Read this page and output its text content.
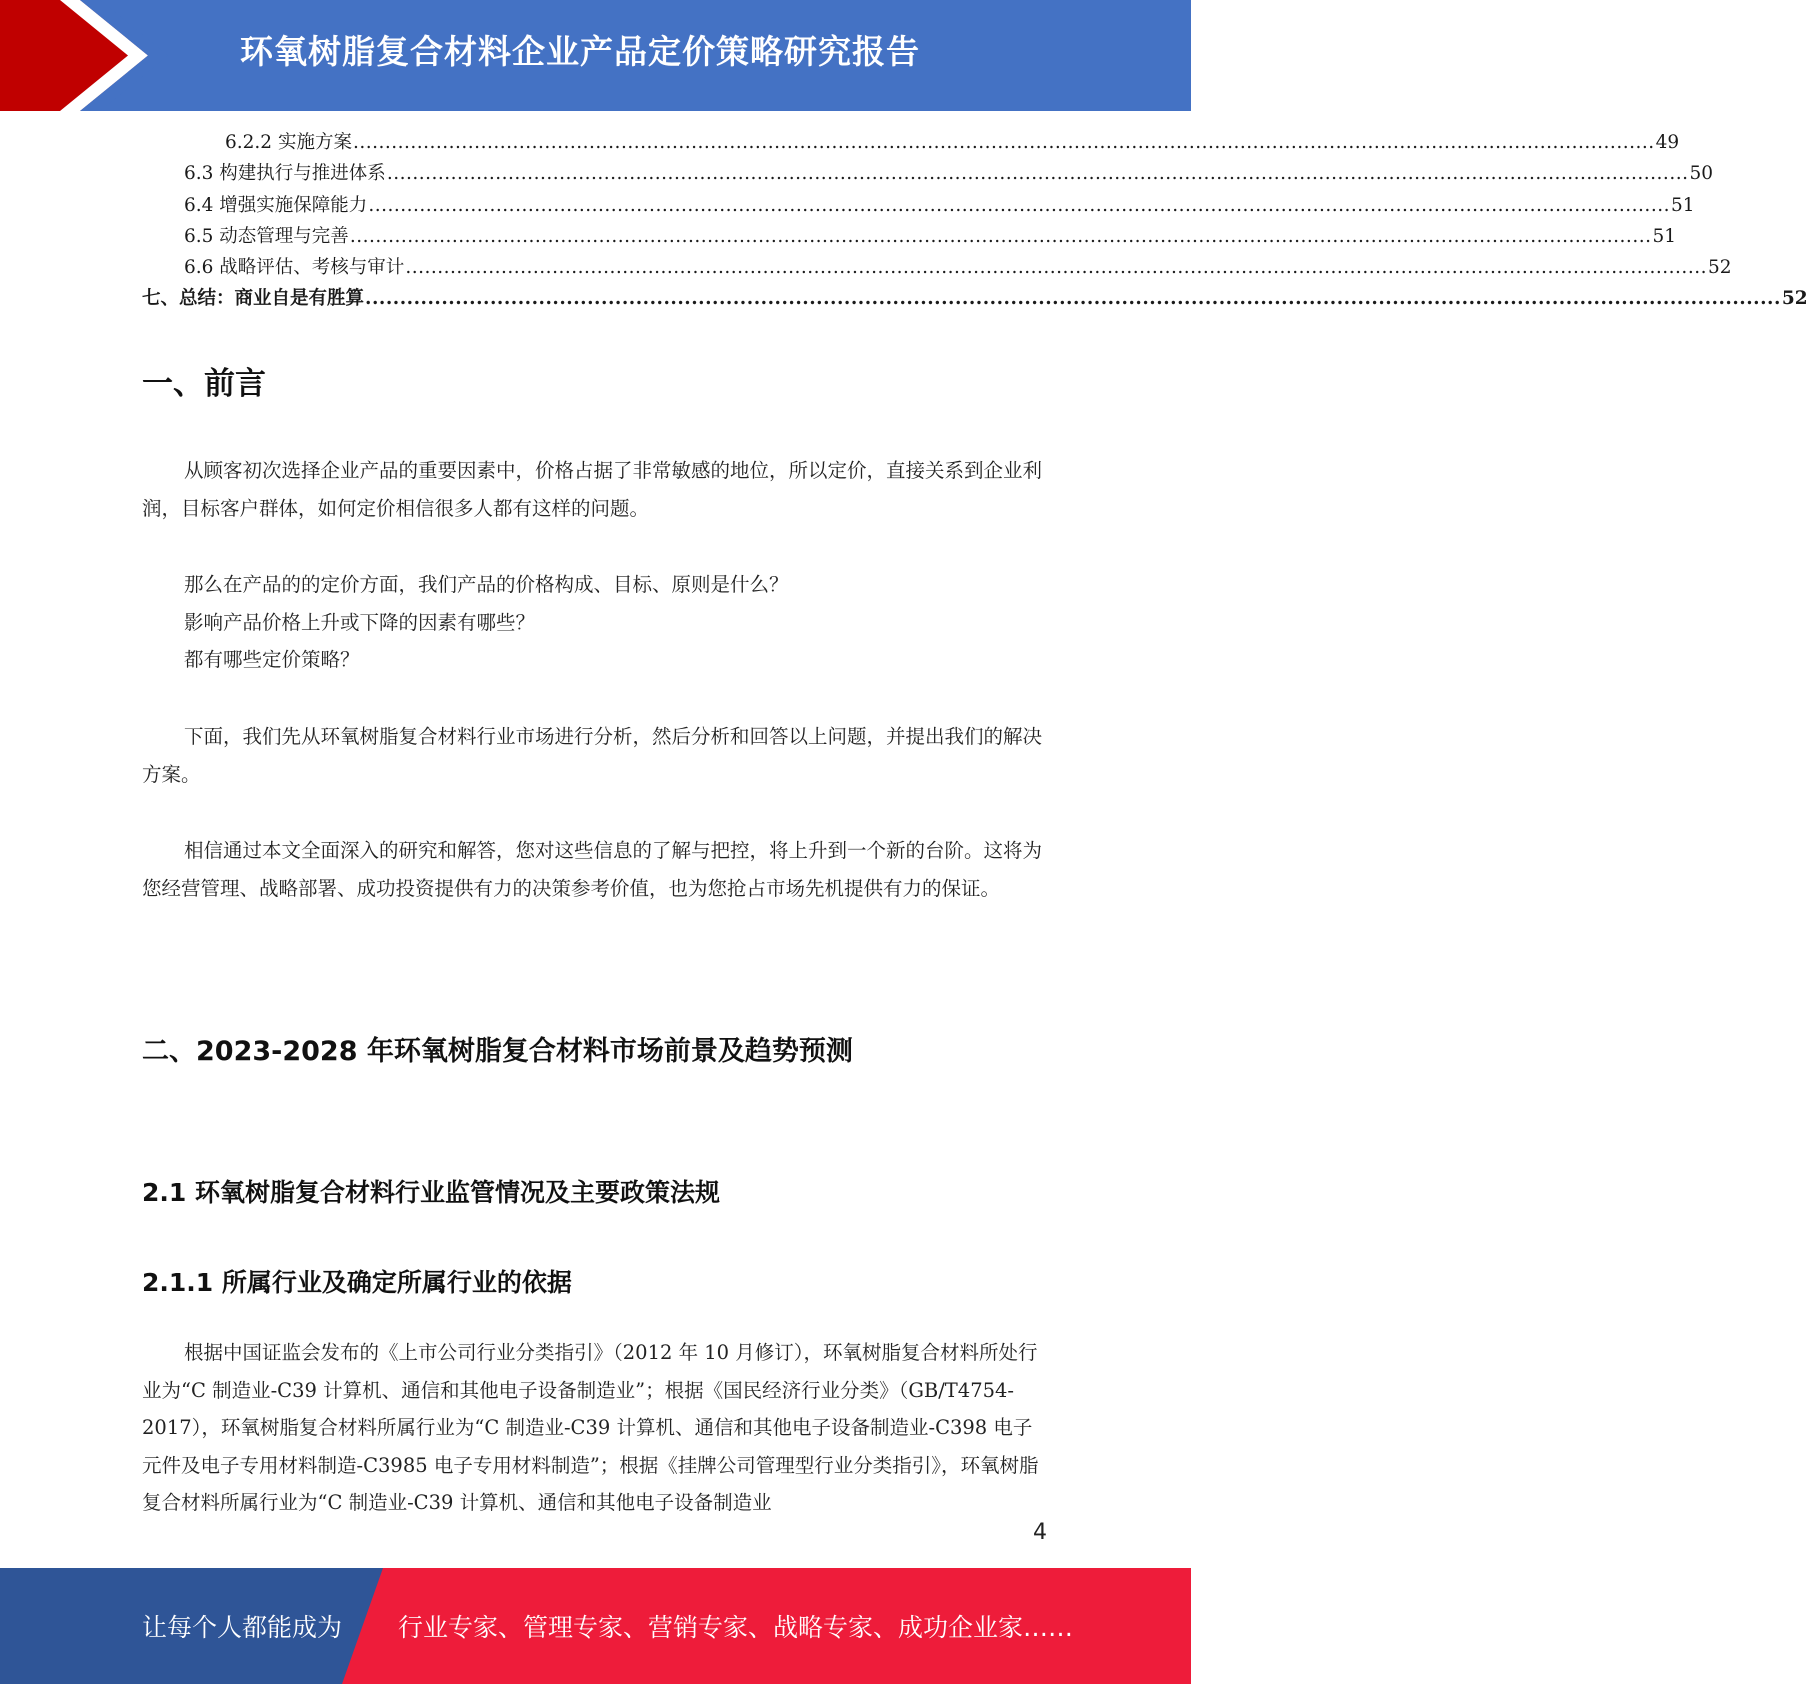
环氧树脂复合材料企业产品定价策略研究报告
6.2.2 实施方案 ............................................................................................................................................................................................................ 49
6.3 构建执行与推进体系 ............................................................................................................................................................................................................ 50
6.4 增强实施保障能力 ............................................................................................................................................................................................................ 51
6.5 动态管理与完善 ............................................................................................................................................................................................................ 51
6.6 战略评估、考核与审计 ............................................................................................................................................................................................................ 52
七、总结：商业自是有胜算 ............................................................................................................................................................................................................ 52
一、前言

从顾客初次选择企业产品的重要因素中，价格占据了非常敏感的地位，所以定价，直接关系到企业利润，目标客户群体，如何定价相信很多人都有这样的问题。

那么在产品的的定价方面，我们产品的价格构成、目标、原则是什么？
影响产品价格上升或下降的因素有哪些？
都有哪些定价策略？

下面，我们先从环氧树脂复合材料行业市场进行分析，然后分析和回答以上问题，并提出我们的解决方案。

相信通过本文全面深入的研究和解答，您对这些信息的了解与把控，将上升到一个新的台阶。这将为您经营管理、战略部署、成功投资提供有力的决策参考价值，也为您抢占市场先机提供有力的保证。

二、2023-2028 年环氧树脂复合材料市场前景及趋势预测
2.1 环氧树脂复合材料行业监管情况及主要政策法规
2.1.1 所属行业及确定所属行业的依据

根据中国证监会发布的《上市公司行业分类指引》（2012 年 10 月修订），环氧树脂复合材料所处行业为“C 制造业-C39 计算机、通信和其他电子设备制造业”；根据《国民经济行业分类》（GB/T4754-2017），环氧树脂复合材料所属行业为“C 制造业-C39 计算机、通信和其他电子设备制造业-C398 电子元件及电子专用材料制造-C3985 电子专用材料制造”；根据《挂牌公司管理型行业分类指引》，环氧树脂复合材料所属行业为“C 制造业-C39 计算机、通信和其他电子设备制造业

4
让每个人都能成为 行业专家、管理专家、营销专家、战略专家、成功企业家……
